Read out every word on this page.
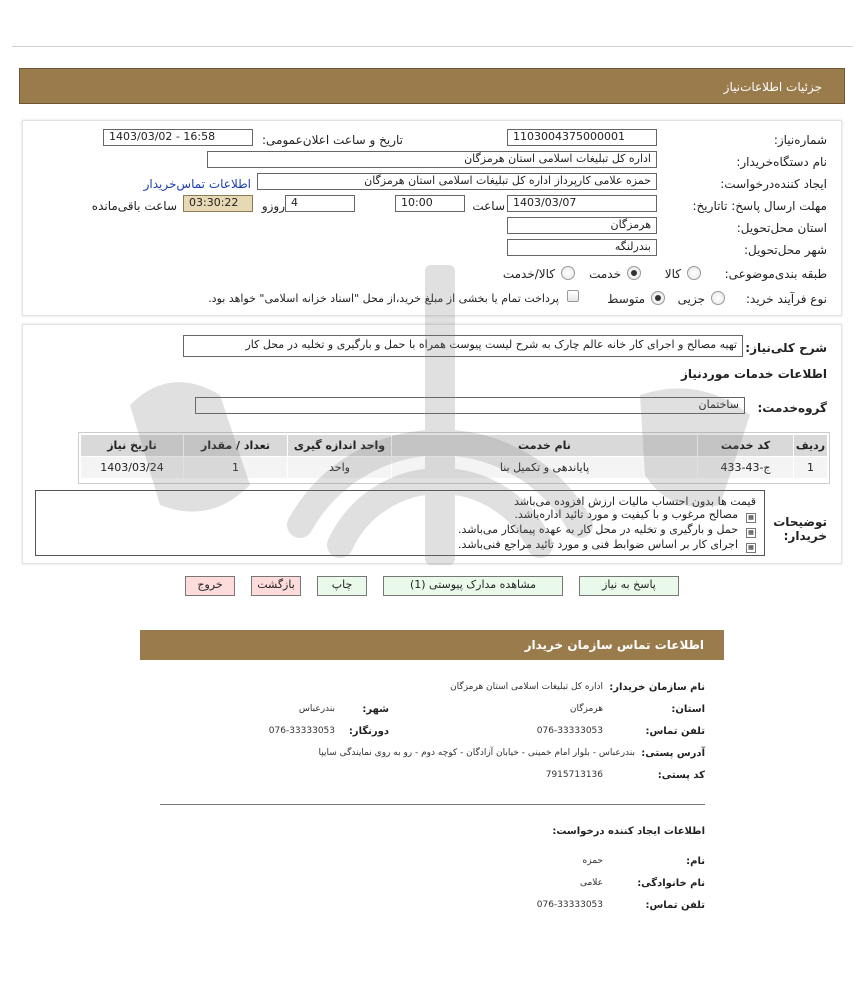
جزئیات اطلاعات‌نیاز
شماره‌نیاز:
1103004375000001
تاریخ و ساعت اعلان‌عمومی:
1403/03/02 - 16:58
نام دستگاه‌خریدار:
اداره کل تبلیغات اسلامی استان هرمزگان
ایجاد کننده‌درخواست:
حمزه علامی کارپرداز اداره کل تبلیغات اسلامی استان هرمزگان
اطلاعات تماس‌خریدار
مهلت ارسال پاسخ: تاتاریخ:
1403/03/07
ساعت
10:00
4
روزو
03:30:22
ساعت باقی‌مانده
استان محل‌تحویل:
هرمزگان
شهر محل‌تحویل:
بندرلنگه
طبقه بندی‌موضوعی:
کالا
خدمت
کالا/خدمت
نوع فرآیند خرید:
جزیی
متوسط
پرداخت تمام یا بخشی از مبلغ خرید،از محل "اسناد خزانه اسلامی" خواهد بود.
شرح کلی‌نیاز:
تهیه مصالح و اجرای کار خانه عالم چارک به شرح لیست پیوست همراه با حمل و بارگیری و تخلیه در محل کار
اطلاعات خدمات موردنیاز
گروه‌خدمت:
ساختمان
ردیف	کد خدمت	نام خدمت	واحد اندازه گیری	تعداد / مقدار	تاریخ نیاز
1	ج-43-433	پایاندهی و تکمیل بنا	واحد	1	1403/03/24
توضیحات
خریدار:
قیمت ها بدون احتساب مالیات ارزش افزوده می‌باشد
▦مصالح مرغوب و با کیفیت و مورد تائید اداره‌باشد.
▦حمل و بارگیری و تخلیه در محل کار به عهده پیمانکار می‌باشد.
▦اجرای کار بر اساس ضوابط فنی و مورد تائید مراجع فنی‌باشد.
پاسخ به نیاز
مشاهده مدارک پیوستی (1)
چاپ
بازگشت
خروج
اطلاعات تماس سازمان خریدار
نام سازمان خریدار:
اداره کل تبلیغات اسلامی استان هرمزگان
استان:
هرمزگان
شهر:
بندرعباس
تلفن تماس:
076-33333053
دورنگار:
076-33333053
آدرس پستی:
بندرعباس - بلوار امام خمینی - خیابان آزادگان - کوچه دوم - رو به روی نمایندگی سایپا
کد پستی:
7915713136
اطلاعات ایجاد کننده درخواست:
نام:
حمزه
نام خانوادگی:
علامی
تلفن تماس:
076-33333053
